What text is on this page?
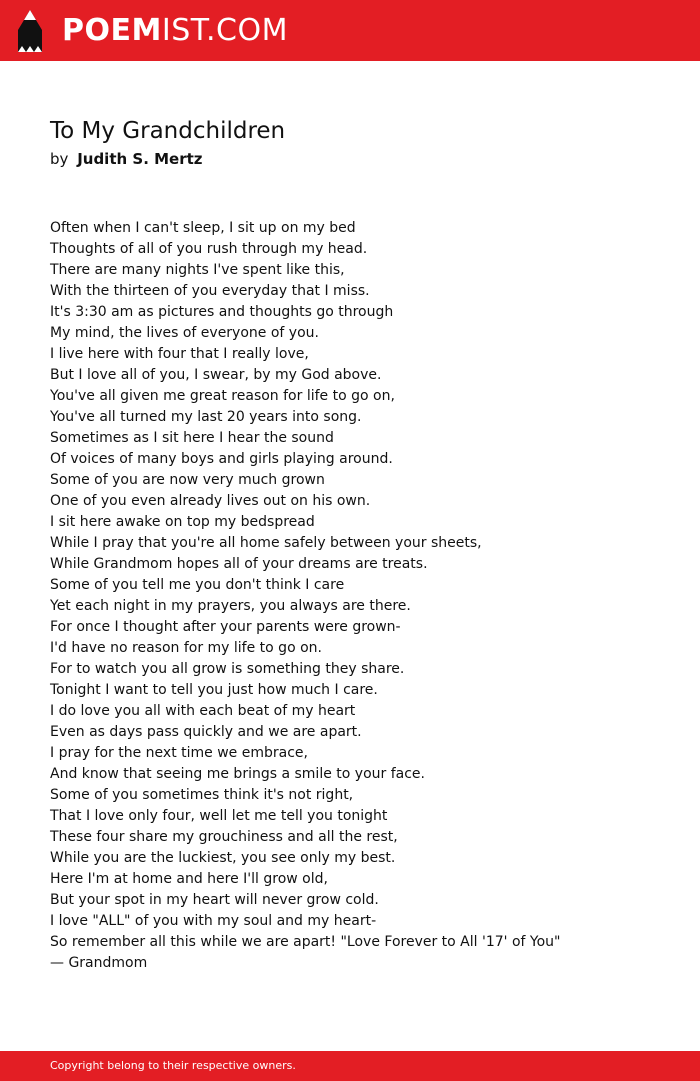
POEMIST.COM
To My Grandchildren
by Judith S. Mertz
Often when I can't sleep, I sit up on my bed
Thoughts of all of you rush through my head.
There are many nights I've spent like this,
With the thirteen of you everyday that I miss.
It's 3:30 am as pictures and thoughts go through
My mind, the lives of everyone of you.
I live here with four that I really love,
But I love all of you, I swear, by my God above.
You've all given me great reason for life to go on,
You've all turned my last 20 years into song.
Sometimes as I sit here I hear the sound
Of voices of many boys and girls playing around.
Some of you are now very much grown
One of you even already lives out on his own.
I sit here awake on top my bedspread
While I pray that you're all home safely between your sheets,
While Grandmom hopes all of your dreams are treats.
Some of you tell me you don't think I care
Yet each night in my prayers, you always are there.
For once I thought after your parents were grown-
I'd have no reason for my life to go on.
For to watch you all grow is something they share.
Tonight I want to tell you just how much I care.
I do love you all with each beat of my heart
Even as days pass quickly and we are apart.
I pray for the next time we embrace,
And know that seeing me brings a smile to your face.
Some of you sometimes think it's not right,
That I love only four, well let me tell you tonight
These four share my grouchiness and all the rest,
While you are the luckiest, you see only my best.
Here I'm at home and here I'll grow old,
But your spot in my heart will never grow cold.
I love "ALL" of you with my soul and my heart-
So remember all this while we are apart! "Love Forever to All '17' of You"
— Grandmom
Copyright belong to their respective owners.
